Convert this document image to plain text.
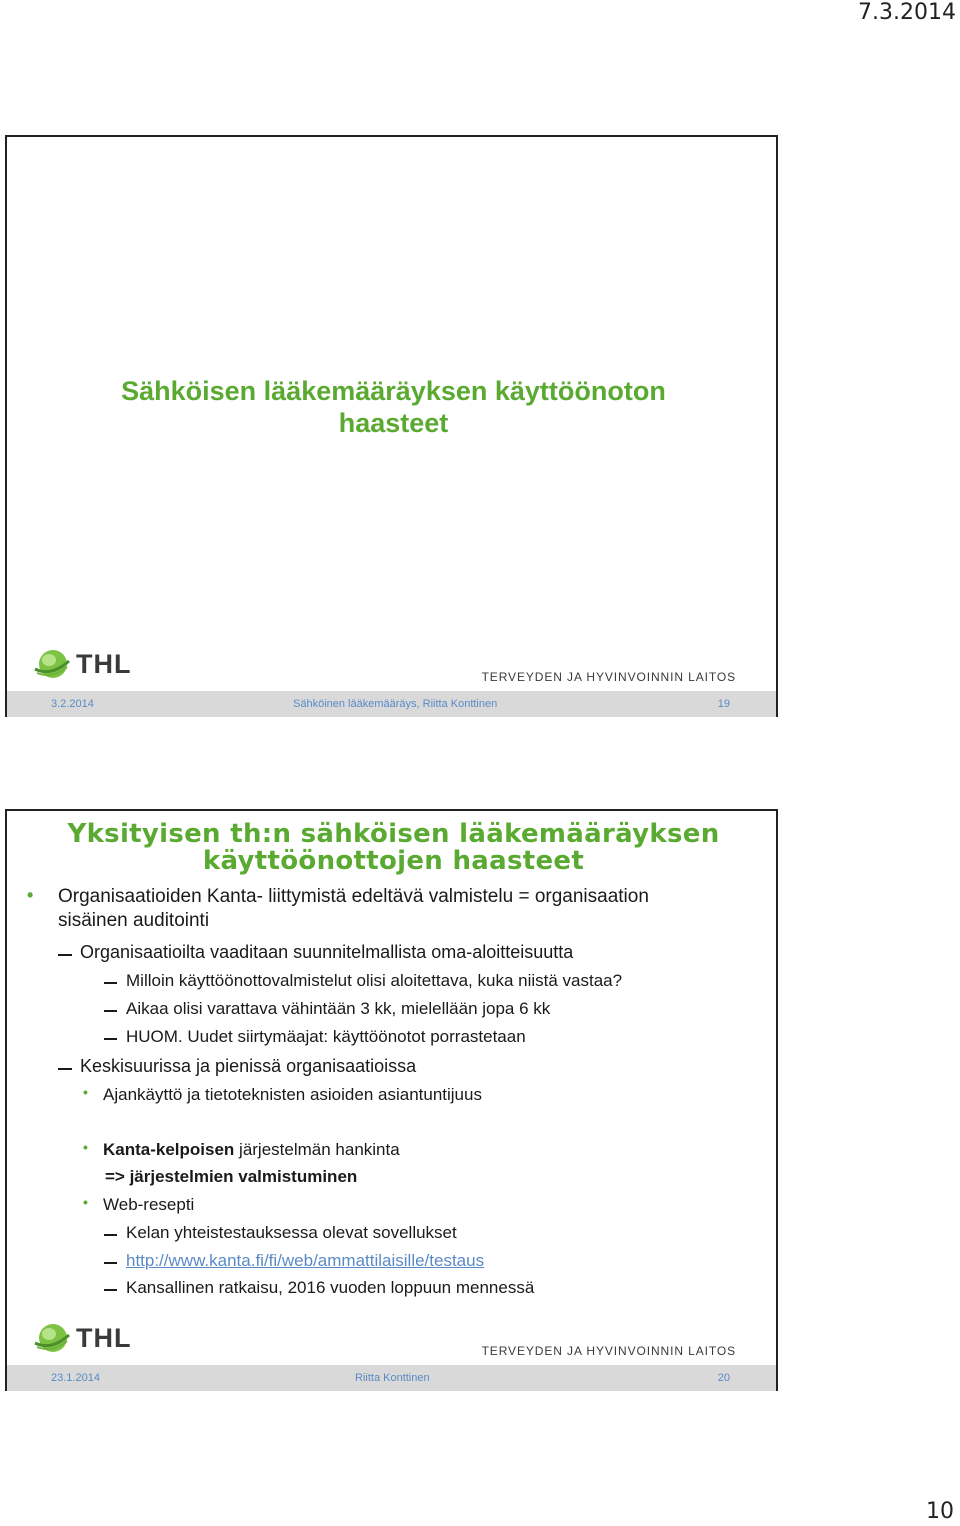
7.3.2014
Sähköisen lääkemääräyksen käyttöönoton
haasteet
THL	TERVEYDEN JA HYVINVOINNIN LAITOS
3.2.2014	Sähköinen lääkemääräys, Riitta Konttinen	19
Yksityisen th:n sähköisen lääkemääräyksen
käyttöönottojen haasteet
• Organisaatioiden Kanta- liittymistä edeltävä valmistelu = organisaation
sisäinen auditointi
Organisaatioilta vaaditaan suunnitelmallista oma-aloitteisuutta
Milloin käyttöönottovalmistelut olisi aloitettava, kuka niistä vastaa?
Aikaa olisi varattava vähintään 3 kk, mielellään jopa 6 kk
HUOM. Uudet siirtymäajat: käyttöönotot porrastetaan
Keskisuurissa ja pienissä organisaatioissa
• Ajankäyttö ja tietoteknisten asioiden asiantuntijuus
• Kanta-kelpoisen järjestelmän hankinta
=> järjestelmien valmistuminen
• Web-resepti
Kelan yhteistestauksessa olevat sovellukset
http://www.kanta.fi/fi/web/ammattilaisille/testaus
Kansallinen ratkaisu, 2016 vuoden loppuun mennessä
THL	TERVEYDEN JA HYVINVOINNIN LAITOS
23.1.2014	Riitta Konttinen	20
10
